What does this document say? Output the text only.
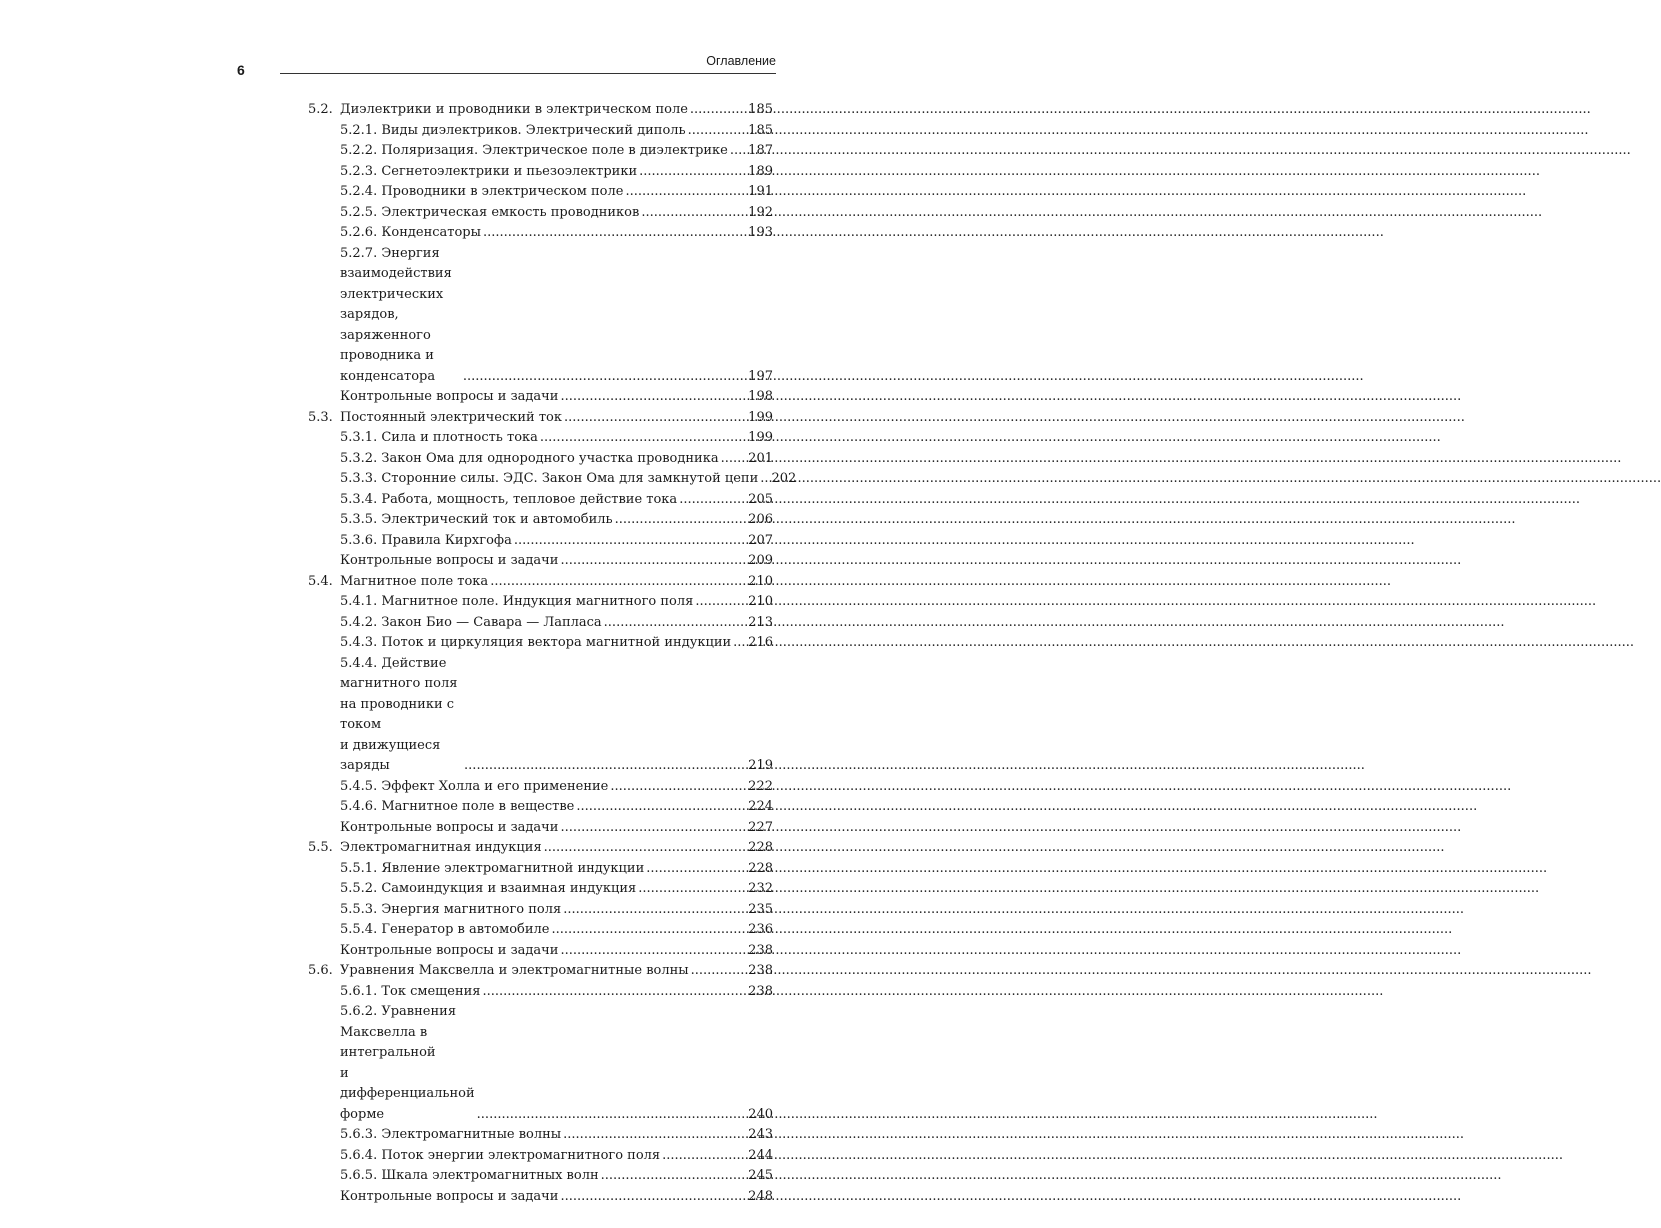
6
Оглавление
5.2. Диэлектрики и проводники в электрическом поле .....	185
5.2.1. Виды диэлектриков. Электрический диполь .....	185
5.2.2. Поляризация. Электрическое поле в диэлектрике ..... 187
5.2.3. Сегнетоэлектрики и пьезоэлектрики .....	189
5.2.4. Проводники в электрическом поле .....	191
5.2.5. Электрическая емкость проводников .....	192
5.2.6. Конденсаторы .....	193
5.2.7. Энергия взаимодействия электрических зарядов,
заряженного проводника и конденсатора .....	197
Контрольные вопросы и задачи .....	198
5.3. Постоянный электрический ток .....	199
5.3.1. Сила и плотность тока .....	199
5.3.2. Закон Ома для однородного участка проводника ..... 201
5.3.3. Сторонние силы. ЭДС. Закон Ома для замкнутой цепи ..... 202
5.3.4. Работа, мощность, тепловое действие тока .....	205
5.3.5. Электрический ток и автомобиль .....	206
5.3.6. Правила Кирхгофа .....	207
Контрольные вопросы и задачи .....	209
5.4. Магнитное поле тока .....	210
5.4.1. Магнитное поле. Индукция магнитного поля .....	210
5.4.2. Закон Био — Савара — Лапласа .....	213
5.4.3. Поток и циркуляция вектора магнитной индукции ..... 216
5.4.4. Действие магнитного поля на проводники с током
и движущиеся заряды .....	219
5.4.5. Эффект Холла и его применение .....	222
5.4.6. Магнитное поле в веществе .....	224
Контрольные вопросы и задачи .....	227
5.5. Электромагнитная индукция .....	228
5.5.1. Явление электромагнитной индукции .....	228
5.5.2. Самоиндукция и взаимная индукция .....	232
5.5.3. Энергия магнитного поля .....	235
5.5.4. Генератор в автомобиле .....	236
Контрольные вопросы и задачи .....	238
5.6. Уравнения Максвелла и электромагнитные волны .....	238
5.6.1. Ток смещения .....	238
5.6.2. Уравнения Максвелла в интегральной
и дифференциальной форме .....	240
5.6.3. Электромагнитные волны .....	243
5.6.4. Поток энергии электромагнитного поля .....	244
5.6.5. Шкала электромагнитных волн .....	245
Контрольные вопросы и задачи .....	248
